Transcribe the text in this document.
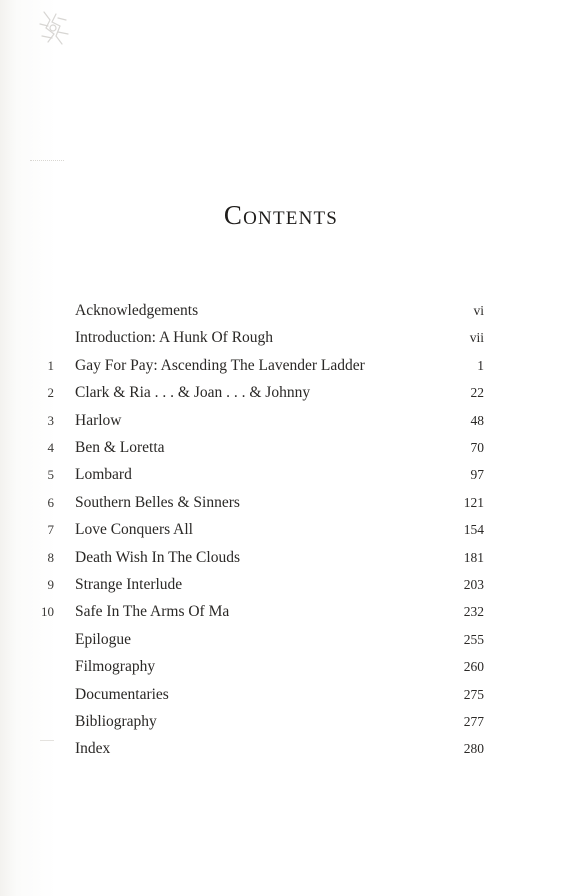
Contents
Acknowledgements	vi
Introduction: A Hunk Of Rough	vii
1 Gay For Pay: Ascending The Lavender Ladder	1
2 Clark & Ria . . . & Joan . . . & Johnny	22
3 Harlow	48
4 Ben & Loretta	70
5 Lombard	97
6 Southern Belles & Sinners	121
7 Love Conquers All	154
8 Death Wish In The Clouds	181
9 Strange Interlude	203
10 Safe In The Arms Of Ma	232
Epilogue	255
Filmography	260
Documentaries	275
Bibliography	277
Index	280
